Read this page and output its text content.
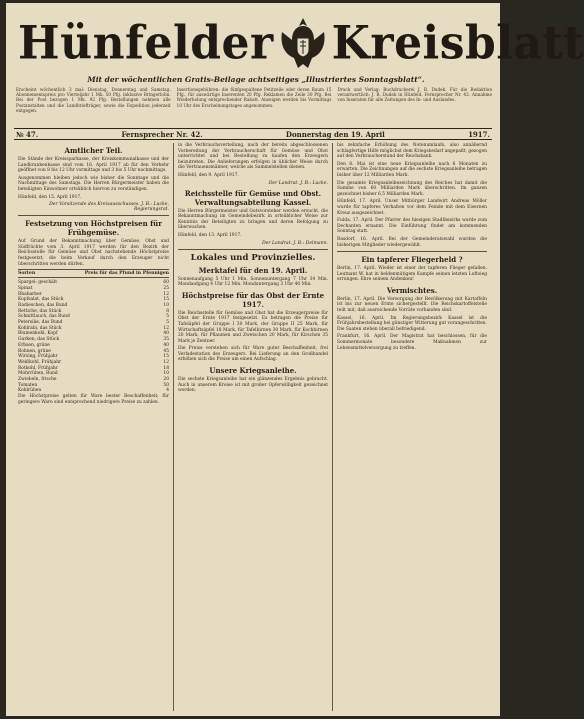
Hünfelder Kreisblatt
Mit der wöchentlichen Gratis-Beilage achtseitiges „Illustriertes Sonntagsblatt“.
Erscheint wöchentlich 3 mal: Dienstag, Donnerstag und Samstag. Abonnementspreis pro Vierteljahr 1 Mk. 50 Pfg. inklusive Bringerlohn. Bei der Post bezogen 1 Mk. 92 Pfg. Bestellungen nehmen alle Postanstalten und die Landbriefträger, sowie die Expedition jederzeit entgegen.
Insertionsgebühren: die fünfgespaltene Petitzeile oder deren Raum 15 Pfg., für auswärtige Inserenten 20 Pfg. Reklamen die Zeile 30 Pfg. Bei Wiederholung entsprechender Rabatt. Anzeigen werden bis Vormittags 10 Uhr des Erscheinungstages angenommen.
Druck und Verlag: Buchdruckerei J. B. Dudek. Für die Redaktion verantwortlich: J. B. Dudek in Hünfeld. Fernsprecher Nr. 42. Annahme von Inseraten für alle Zeitungen des In- und Auslandes.
№ 47.	Fernsprecher Nr. 42.	Donnerstag den 19. April	1917.
Amtlicher Teil.

Die Stände der Kreissparkasse, der Kreiskommunalkasse und der Landkrankenkasse sind vom 16. April 1917 ab für den Verkehr geöffnet von 8 bis 12 Uhr vormittags und 3 bis 5 Uhr nachmittags.

Ausgenommen bleiben jedoch wie bisher die Sonntage und die Nachmittage des Samstags. Die Herren Bürgermeister haben die beteiligten Einwohner ortsüblich hiervon zu verständigen.

Hünfeld, den 15. April 1917.

Der Vorsitzende des Kreisausschusses. J. B.: Lucke, Regierungsrat.
Festsetzung von Höchstpreisen für Frühgemüse.

Auf Grund der Bekanntmachung über Gemüse, Obst und Südfrüchte vom 3. April 1917 werden für den Bezirk der Reichsstelle für Gemüse und Obst nachstehende Höchstpreise festgesetzt, die beim Verkauf durch den Erzeuger nicht überschritten werden dürfen.

Sorten	Preis für das Pfund in Pfennigen
Spargel: geschält	60
Spinat	25
Rhabarber	12
Kopfsalat, das Stück	15
Radieschen, das Bund	10
Rettiche, das Stück	8
Schnittlauch, das Bund	5
Petersilie, das Bund	5
Kohlrabi, das Stück	12
Blumenkohl, Kopf	40
Gurken, das Stück	35
Erbsen, grüne	40
Bohnen, grüne	45
Wirsing, Frühjahr	15
Weißkohl, Frühjahr	12
Rotkohl, Frühjahr	18
Mohrrüben, Bund	10
Zwiebeln, frische	20
Tomaten	50
Kohlrüben	4

Die Höchstpreise gelten für Ware bester Beschaffenheit; für geringere Ware sind entsprechend niedrigere Preise zu zahlen.

in die Verbrauchsverteilung, nach der bereits abgeschlossenen Vorbereitung der Verbraucherschaft für Gemüse und Obst unterrichtet und bei Bestellung zu kaufen den Erzeugern beizutreten. Die Anlieferungen erfolgen in üblicher Weise durch die Vertrauensmänner, welche als Sammelstellen dienen.

Hünfeld, den 9. April 1917.

Der Landrat. J. B.: Lucke.
Reichsstelle für Gemüse und Obst. Verwaltungsabteilung Kassel.

Die Herren Bürgermeister und Gutsvorsteher werden ersucht, die Bekanntmachung im Gemeindebezirk in ortsüblicher Weise zur Kenntnis der Beteiligten zu bringen und deren Befolgung zu überwachen.

Hünfeld, den 13. April 1917.

Der Landrat. J. B.: Delmann.
Lokales und Provinzielles.
Merktafel für den 19. April.

Sonnenaufgang 5 Uhr 1 Min. Sonnenuntergang 7 Uhr 34 Min. Mondaufgang 4 Uhr 12 Min. Monduntergang 3 Uhr 40 Min.

Höchstpreise für das Obst der Ernte 1917.

Die Reichsstelle für Gemüse und Obst hat die Erzeugerpreise für Obst der Ernte 1917 festgesetzt. Es betragen die Preise für Tafeläpfel der Gruppe I 30 Mark, der Gruppe II 25 Mark, für Wirtschaftsäpfel 18 Mark, für Tafelbirnen 30 Mark, für Kochbirnen 20 Mark, für Pflaumen und Zwetschen 20 Mark, für Kirschen 35 Mark je Zentner.

Die Preise verstehen sich für Ware guter Beschaffenheit, frei Verladestation des Erzeugers. Bei Lieferung an den Großhandel erhöhen sich die Preise um einen Aufschlag.

Unsere Kriegsanleihe.

Die sechste Kriegsanleihe hat ein glänzendes Ergebnis gebracht. Auch in unserem Kreise ist mit großer Opferwilligkeit gezeichnet worden.

bis zehnfache Erhöhung des Notenumlaufs, also annähernd schlagfertige Hilfe möglichst dem Kriegsbedarf angepaßt, gezogen auf den Verbraucherstand der Reichsbank.

Den 8. Mai ist eine neue Kriegsanleihe nach 6 Monaten zu erwarten. Die Zeichnungen auf die sechste Kriegsanleihe betragen bisher über 12 Milliarden Mark.

Die gesamte Kriegsanleihezeichnung des Reiches hat damit die Summe von 60 Milliarden Mark überschritten. Im ganzen gezeichnet bisher 6,5 Milliarden Mark.

Hünfeld, 17. April. Unser Mitbürger Landwirt Andreas Möller wurde für tapferes Verhalten vor dem Feinde mit dem Eisernen Kreuz ausgezeichnet.

Fulda, 17. April. Der Pfarrer des hiesigen Stadtbezirks wurde zum Dechanten ernannt. Die Einführung findet am kommenden Sonntag statt.

Rasdorf, 16. April. Bei der Gemeinderatswahl wurden die bisherigen Mitglieder wiedergewählt.

Ein tapferer Fliegerheld ?

Berlin, 17. April. Wieder ist einer der tapferen Flieger gefallen. Leutnant W. hat in heldenmütigem Kampfe seinen letzten Luftsieg errungen. Ehre seinem Andenken!

Vermischtes.

Berlin, 17. April. Die Versorgung der Bevölkerung mit Kartoffeln ist bis zur neuen Ernte sichergestellt. Die Reichskartoffelstelle teilt mit, daß ausreichende Vorräte vorhanden sind.

Kassel, 16. April. Im Regierungsbezirk Kassel ist die Frühjahrsbestellung bei günstiger Witterung gut vorangeschritten. Die Saaten stehen überall befriedigend.

Frankfurt, 16. April. Der Magistrat hat beschlossen, für die Sommermonate besondere Maßnahmen zur Lebensmittelversorgung zu treffen.
